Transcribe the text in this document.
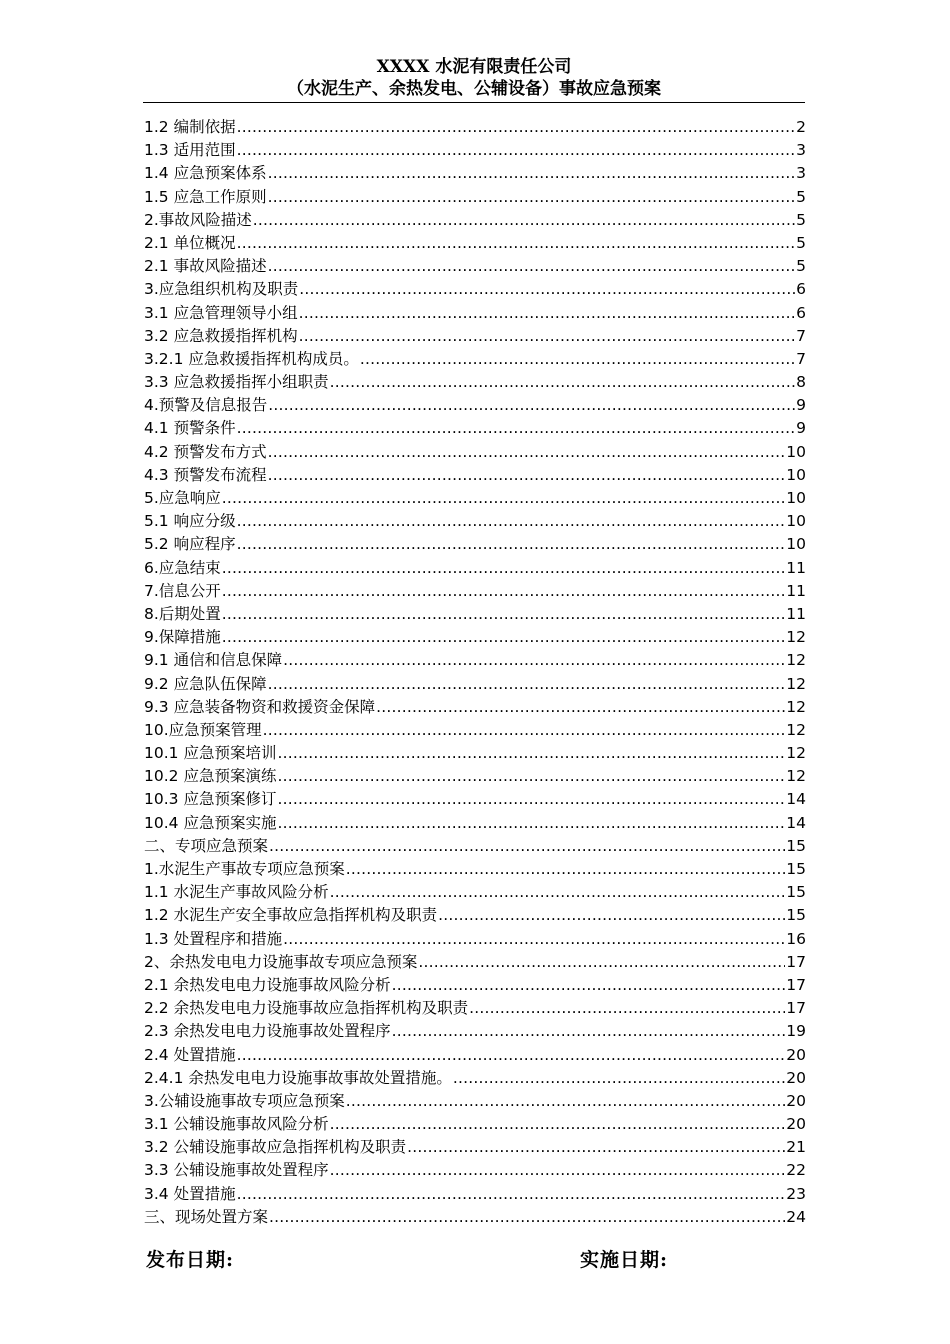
XXXX 水泥有限责任公司
（水泥生产、余热发电、公辅设备）事故应急预案
1.2 编制依据 .....	2
1.3 适用范围 .....	3
1.4 应急预案体系 .....	3
1.5 应急工作原则 .....	5
2.事故风险描述 .....	5
2.1 单位概况 .....	5
2.1 事故风险描述 .....	5
3.应急组织机构及职责 .....	6
3.1 应急管理领导小组 .....	6
3.2 应急救援指挥机构 .....	7
3.2.1 应急救援指挥机构成员。 .....	7
3.3 应急救援指挥小组职责 .....	8
4.预警及信息报告 .....	9
4.1 预警条件 .....	9
4.2 预警发布方式 .....	10
4.3 预警发布流程 .....	10
5.应急响应 .....	10
5.1 响应分级 .....	10
5.2 响应程序 .....	10
6.应急结束 .....	11
7.信息公开 .....	11
8.后期处置 .....	11
9.保障措施 .....	12
9.1 通信和信息保障 .....	12
9.2 应急队伍保障 .....	12
9.3 应急装备物资和救援资金保障 .....	12
10.应急预案管理 .....	12
10.1 应急预案培训 .....	12
10.2 应急预案演练 .....	12
10.3 应急预案修订 .....	14
10.4 应急预案实施 .....	14
二、专项应急预案 .....	15
1.水泥生产事故专项应急预案 .....	15
1.1 水泥生产事故风险分析 .....	15
1.2 水泥生产安全事故应急指挥机构及职责 .....	15
1.3 处置程序和措施 .....	16
2、余热发电电力设施事故专项应急预案 .....	17
2.1 余热发电电力设施事故风险分析 .....	17
2.2 余热发电电力设施事故应急指挥机构及职责 .....	17
2.3 余热发电电力设施事故处置程序 .....	19
2.4 处置措施 .....	20
2.4.1 余热发电电力设施事故事故处置措施。 .....	20
3.公辅设施事故专项应急预案 .....	20
3.1 公辅设施事故风险分析 .....	20
3.2 公辅设施事故应急指挥机构及职责 .....	21
3.3 公辅设施事故处置程序 .....	22
3.4 处置措施 .....	23
三、现场处置方案 .....	24
发布日期:	实施日期:
